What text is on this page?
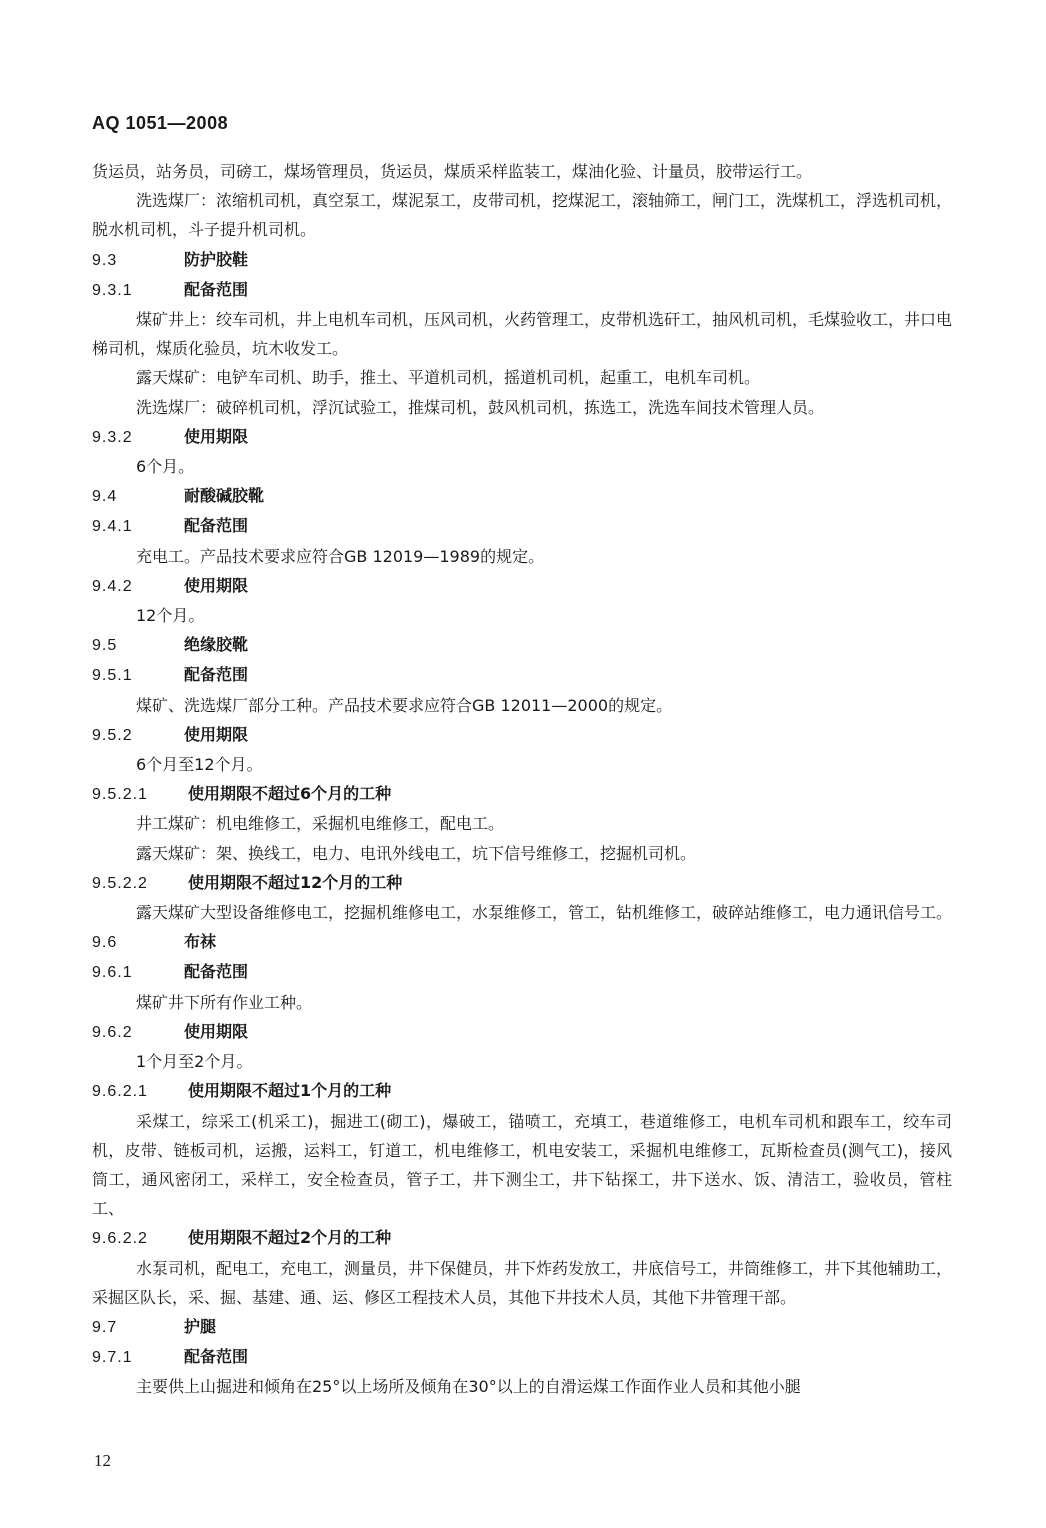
AQ 1051—2008

货运员，站务员，司磅工，煤场管理员，货运员，煤质采样监装工，煤油化验、计量员，胶带运行工。

洗选煤厂：浓缩机司机，真空泵工，煤泥泵工，皮带司机，挖煤泥工，滚轴筛工，闸门工，洗煤机工，浮选机司机，脱水机司机，斗子提升机司机。

9.3	防护胶鞋
9.3.1	配备范围

煤矿井上：绞车司机，井上电机车司机，压风司机，火药管理工，皮带机选矸工，抽风机司机，毛煤验收工，井口电梯司机，煤质化验员，坑木收发工。

露天煤矿：电铲车司机、助手，推土、平道机司机，摇道机司机，起重工，电机车司机。

洗选煤厂：破碎机司机，浮沉试验工，推煤司机，鼓风机司机，拣选工，洗选车间技术管理人员。

9.3.2	使用期限

6个月。

9.4	耐酸碱胶靴
9.4.1	配备范围

充电工。产品技术要求应符合GB 12019—1989的规定。

9.4.2	使用期限

12个月。

9.5	绝缘胶靴
9.5.1	配备范围

煤矿、洗选煤厂部分工种。产品技术要求应符合GB 12011—2000的规定。

9.5.2	使用期限

6个月至12个月。

9.5.2.1	使用期限不超过6个月的工种

井工煤矿：机电维修工，采掘机电维修工，配电工。

露天煤矿：架、换线工，电力、电讯外线电工，坑下信号维修工，挖掘机司机。

9.5.2.2	使用期限不超过12个月的工种

露天煤矿大型设备维修电工，挖掘机维修电工，水泵维修工，管工，钻机维修工，破碎站维修工，电力通讯信号工。

9.6	布袜
9.6.1	配备范围

煤矿井下所有作业工种。

9.6.2	使用期限

1个月至2个月。

9.6.2.1	使用期限不超过1个月的工种

采煤工，综采工(机采工)，掘进工(砌工)，爆破工，锚喷工，充填工，巷道维修工，电机车司机和跟车工，绞车司机，皮带、链板司机，运搬，运料工，钉道工，机电维修工，机电安装工，采掘机电维修工，瓦斯检查员(测气工)，接风筒工，通风密闭工，采样工，安全检查员，管子工，井下测尘工，井下钻探工，井下送水、饭、清洁工，验收员，管柱工、

9.6.2.2	使用期限不超过2个月的工种

水泵司机，配电工，充电工，测量员，井下保健员，井下炸药发放工，井底信号工，井筒维修工，井下其他辅助工，采掘区队长，采、掘、基建、通、运、修区工程技术人员，其他下井技术人员，其他下井管理干部。

9.7	护腿
9.7.1	配备范围

主要供上山掘进和倾角在25°以上场所及倾角在30°以上的自滑运煤工作面作业人员和其他小腿

12
